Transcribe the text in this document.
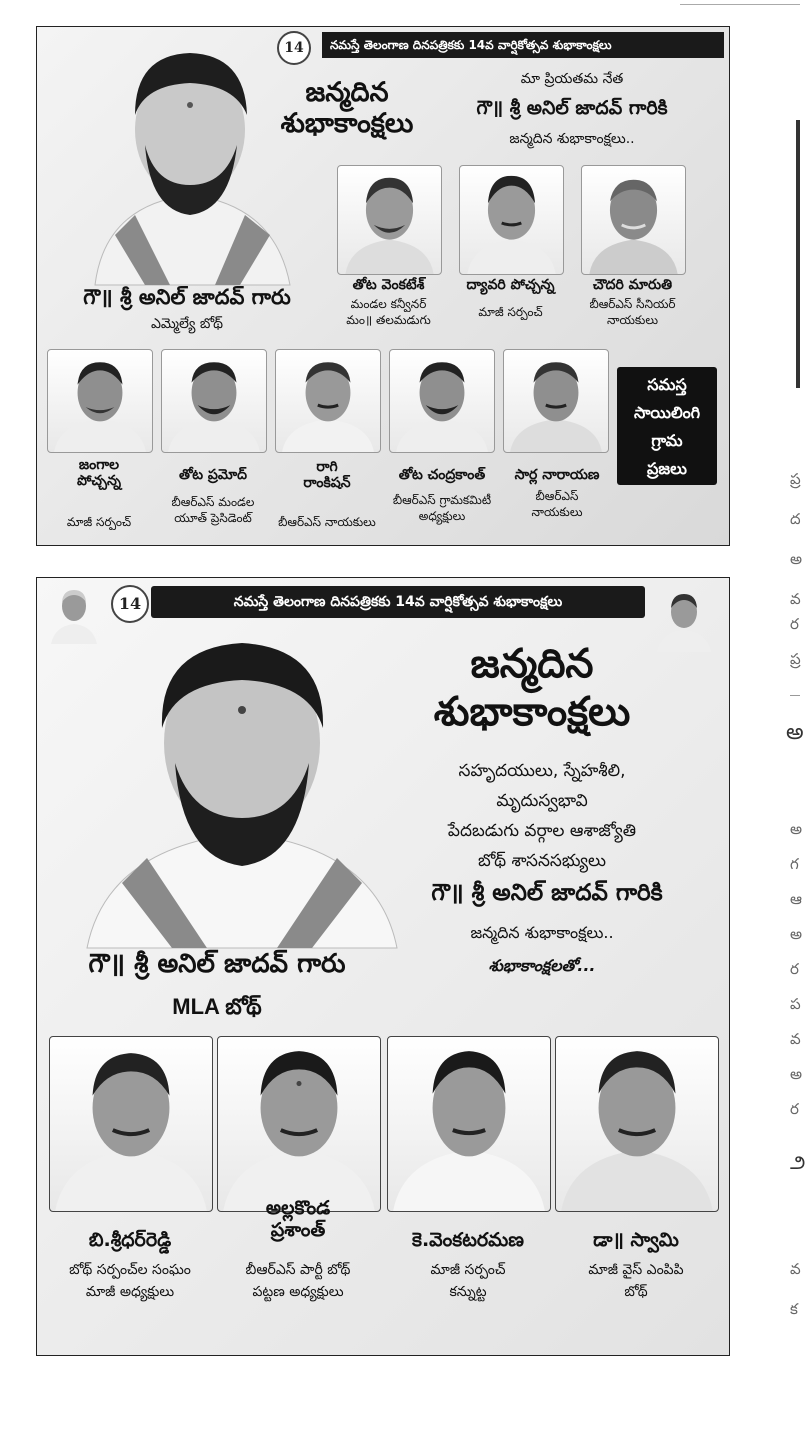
ప్ర
ద
అ
వ
ర
ప్ర
అ
అ
గ
ఆ
అ
ర
ప
వ
అ
ర
౨
వ
క
14	నమస్తే తెలంగాణ దినపత్రికకు 14వ వార్షికోత్సవ శుభాకాంక్షలు
గౌ॥ శ్రీ అనిల్ జాదవ్ గారు
ఎమ్మెల్యే బోథ్
జన్మదిన
శుభాకాంక్షలు
మా ప్రియతమ నేత
గౌ॥ శ్రీ అనిల్ జాదవ్ గారికి
జన్మదిన శుభాకాంక్షలు..
తోట వెంకటేశ్
మండల కన్వీనర్
మం॥ తలమడుగు
ద్యావరి పోచ్చన్న
మాజీ సర్పంచ్
చౌదరి మారుతి
బీఆర్ఎస్ సీనియర్
నాయకులు
జంగాల
పోచ్చన్న
మాజీ సర్పంచ్
తోట ప్రమోద్
బీఆర్ఎస్ మండల
యూత్ ప్రెసిడెంట్
రాగి
రాంకిషన్
బీఆర్ఎస్ నాయకులు
తోట చంద్రకాంత్
బీఆర్ఎస్ గ్రామకమిటీ
అధ్యక్షులు
సార్ల నారాయణ
బీఆర్ఎస్
నాయకులు
సమస్త
సాయిలింగి
గ్రామ
ప్రజలు
14	నమస్తే తెలంగాణ దినపత్రికకు 14వ వార్షికోత్సవ శుభాకాంక్షలు
జన్మదిన
శుభాకాంక్షలు
సహృదయులు, స్నేహశీలి,
మృదుస్వభావి
పేదబడుగు వర్గాల ఆశాజ్యోతి
బోథ్ శాసనసభ్యులు
గౌ॥ శ్రీ అనిల్ జాదవ్ గారికి
జన్మదిన శుభాకాంక్షలు..
శుభాకాంక్షలతో...
గౌ॥ శ్రీ అనిల్ జాదవ్ గారు
MLA బోథ్
బి.శ్రీధర్‌రెడ్డి
బోథ్ సర్పంచ్‌ల సంఘం
మాజీ అధ్యక్షులు
అల్లకొండ
ప్రశాంత్
బీఆర్ఎస్ పార్టీ బోథ్
పట్టణ అధ్యక్షులు
కె.వెంకటరమణ
మాజీ సర్పంచ్
కన్నుట్ట
డా॥ స్వామి
మాజీ వైస్ ఎంపిపి
బోథ్
